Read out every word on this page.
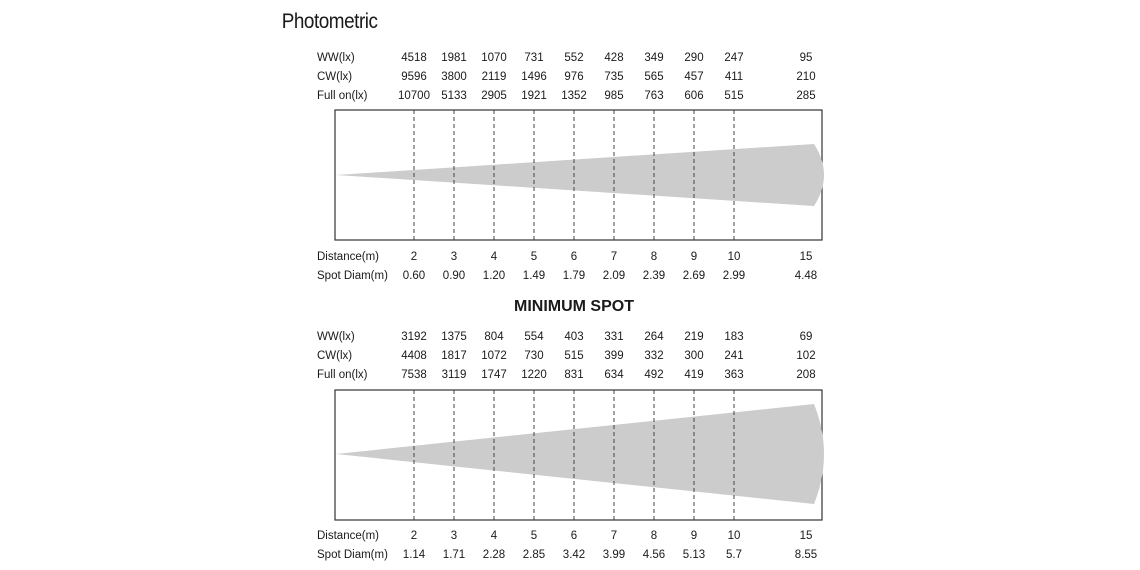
Photometric
WW(lx)	4518 1981 1070 731 552 428 349 290 247	95
CW(lx)	9596 3800 2119 1496 976 735 565 457 411	210
Full on(lx)	10700 5133 2905 1921 1352 985 763 606 515	285
Distance(m)	2	3	4	5	6	7	8	9	10	15
Spot Diam(m) 0.60 0.90 1.20 1.49 1.79 2.09 2.39 2.69 2.99	4.48
MINIMUM SPOT
WW(lx)	3192 1375 804 554 403 331 264 219 183	69
CW(lx)	4408 1817 1072 730 515 399 332 300 241	102
Full on(lx)	7538 3119 1747 1220 831 634 492 419 363	208
Distance(m)	2	3	4	5	6	7	8	9	10	15
Spot Diam(m) 1.14 1.71 2.28 2.85 3.42 3.99 4.56 5.13 5.7	8.55
